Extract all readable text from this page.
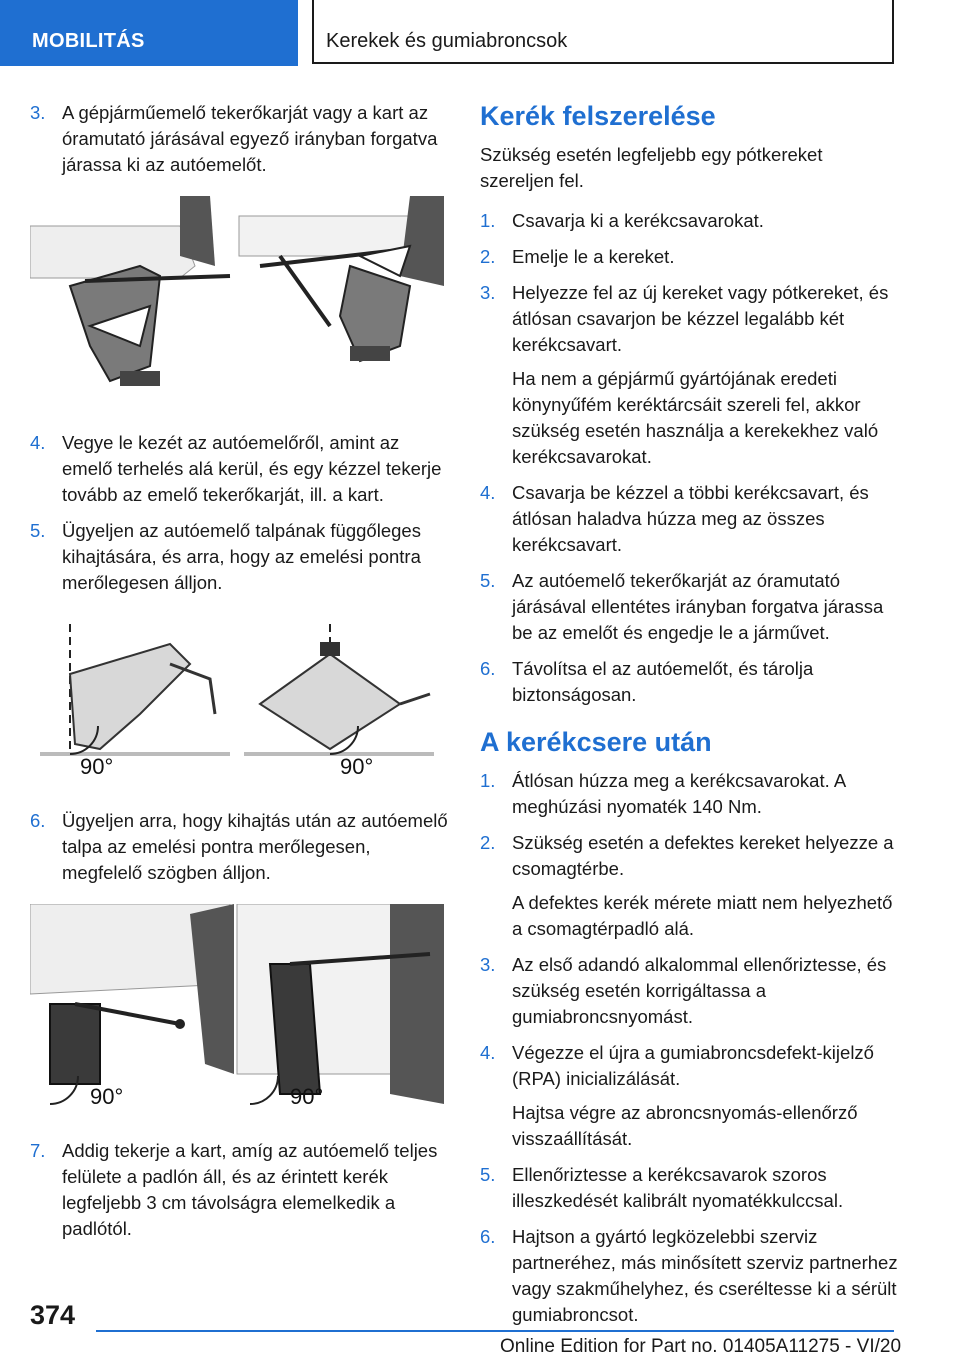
MOBILITÁS	Kerekek és gumiabroncsok
3. A gépjárműemelő tekerőkarját vagy a kart az óramutató járásával egyező irányban forgatva járassa ki az autóemelőt.

4. Vegye le kezét az autóemelőről, amint az emelő terhelés alá kerül, és egy kézzel tekerje tovább az emelő tekerőkarját, ill. a kart.

5. Ügyeljen az autóemelő talpának függőleges kihajtására, és arra, hogy az emelési pontra merőlegesen álljon.

90°	90°
6. Ügyeljen arra, hogy kihajtás után az autóemelő talpa az emelési pontra merőlegesen, megfelelő szögben álljon.

90°	90°
7. Addig tekerje a kart, amíg az autóemelő teljes felülete a padlón áll, és az érintett kerék legfeljebb 3 cm távolságra elemelkedik a padlótól.

Kerék felszerelése

Szükség esetén legfeljebb egy pótkereket szereljen fel.

1. Csavarja ki a kerékcsavarokat.

2. Emelje le a kereket.

3. Helyezze fel az új kereket vagy pótkereket, és átlósan csavarjon be kézzel legalább két kerékcsavart.

Ha nem a gépjármű gyártójának eredeti könynyűfém keréktárcsáit szereli fel, akkor szükség esetén használja a kerekekhez való kerékcsavarokat.

4. Csavarja be kézzel a többi kerékcsavart, és átlósan haladva húzza meg az összes kerékcsavart.

5. Az autóemelő tekerőkarját az óramutató járásával ellentétes irányban forgatva járassa be az emelőt és engedje le a járművet.

6. Távolítsa el az autóemelőt, és tárolja biztonságosan.

A kerékcsere után
1. Átlósan húzza meg a kerékcsavarokat. A meghúzási nyomaték 140 Nm.

2. Szükség esetén a defektes kereket helyezze a csomagtérbe.

A defektes kerék mérete miatt nem helyezhető a csomagtérpadló alá.

3. Az első adandó alkalommal ellenőriztesse, és szükség esetén korrigáltassa a gumiabroncsnyomást.

4. Végezze el újra a gumiabroncsdefekt-kijelző (RPA) inicializálását.

Hajtsa végre az abroncsnyomás-ellenőrző visszaállítását.

5. Ellenőriztesse a kerékcsavarok szoros illeszkedését kalibrált nyomatékkulccsal.

6. Hajtson a gyártó legközelebbi szerviz partneréhez, más minősített szerviz partnerhez vagy szakműhelyhez, és cseréltesse ki a sérült gumiabroncsot.

374
Online Edition for Part no. 01405A11275 - VI/20
